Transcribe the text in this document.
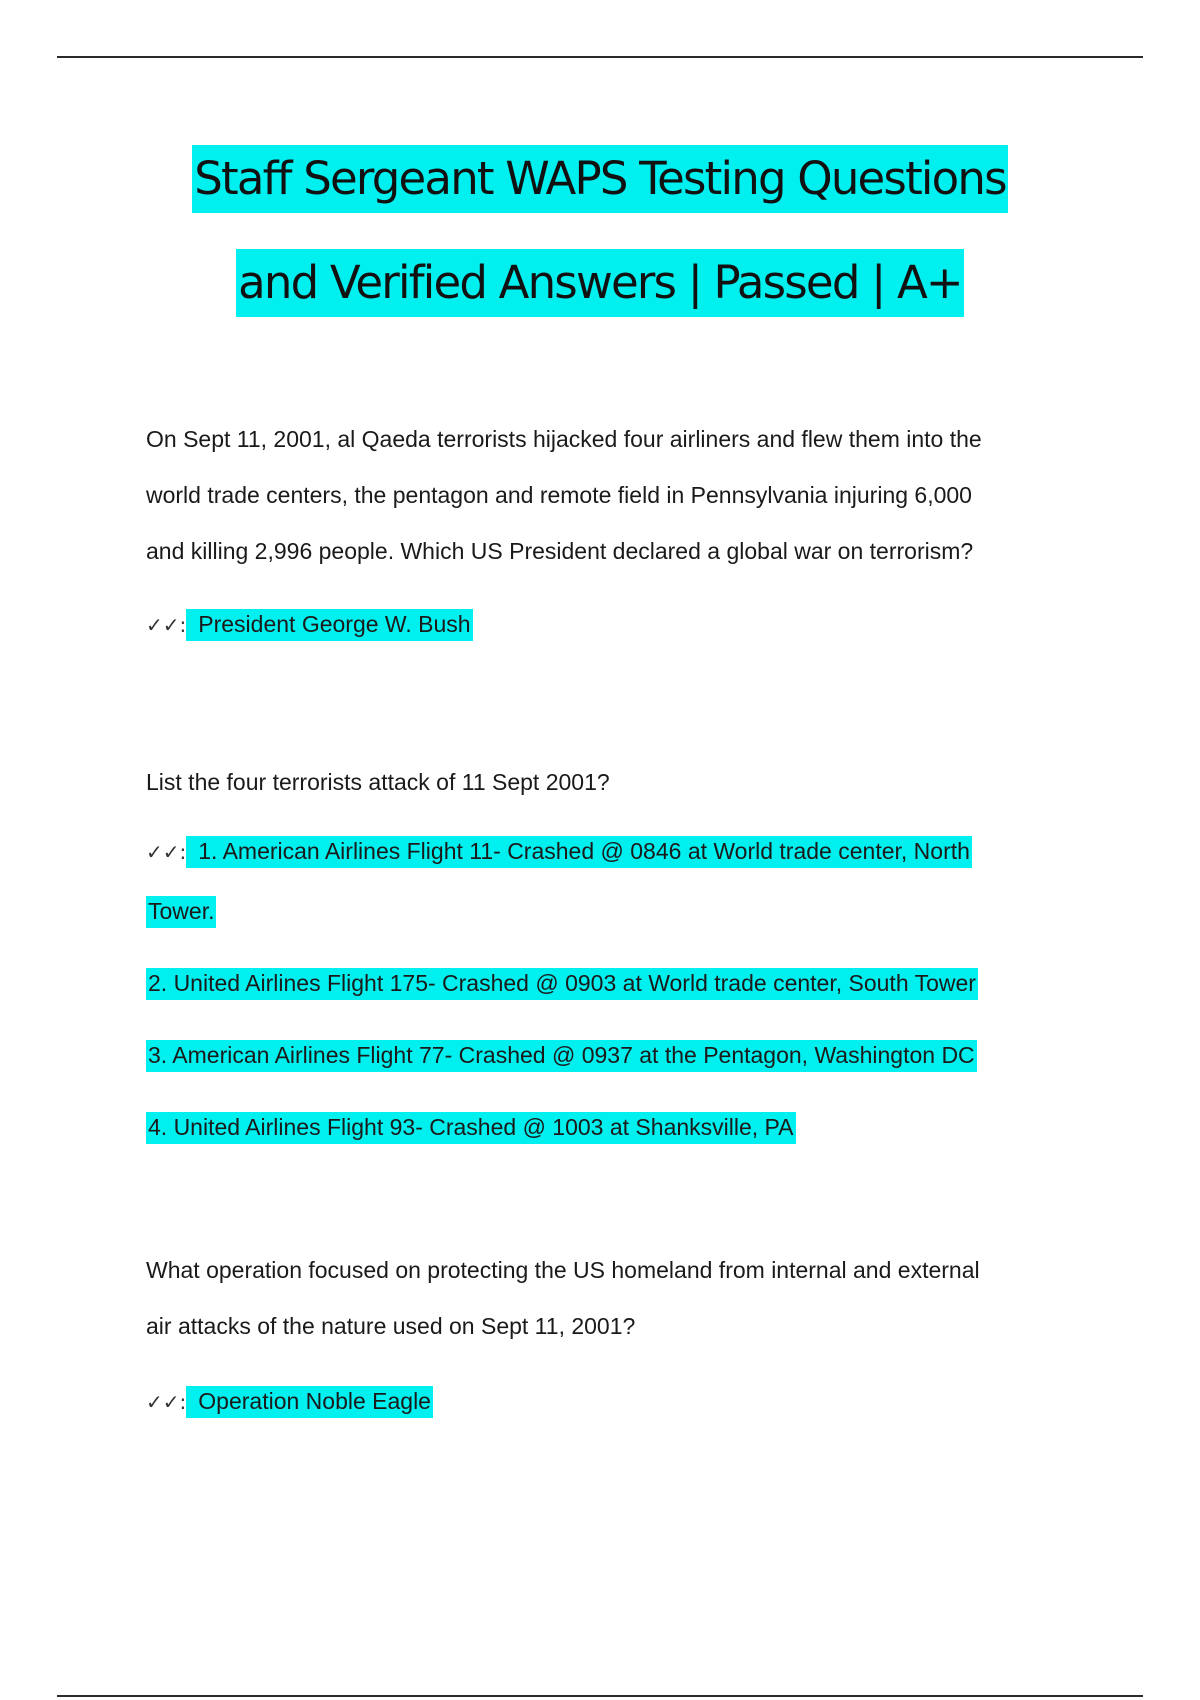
Staff Sergeant WAPS Testing Questions
and Verified Answers | Passed | A+
On Sept 11, 2001, al Qaeda terrorists hijacked four airliners and flew them into the
world trade centers, the pentagon and remote field in Pennsylvania injuring 6,000
and killing 2,996 people. Which US President declared a global war on terrorism?
✓✓: President George W. Bush
List the four terrorists attack of 11 Sept 2001?
✓✓: 1. American Airlines Flight 11- Crashed @ 0846 at World trade center, North
Tower.
2. United Airlines Flight 175- Crashed @ 0903 at World trade center, South Tower
3. American Airlines Flight 77- Crashed @ 0937 at the Pentagon, Washington DC
4. United Airlines Flight 93- Crashed @ 1003 at Shanksville, PA
What operation focused on protecting the US homeland from internal and external
air attacks of the nature used on Sept 11, 2001?
✓✓: Operation Noble Eagle
